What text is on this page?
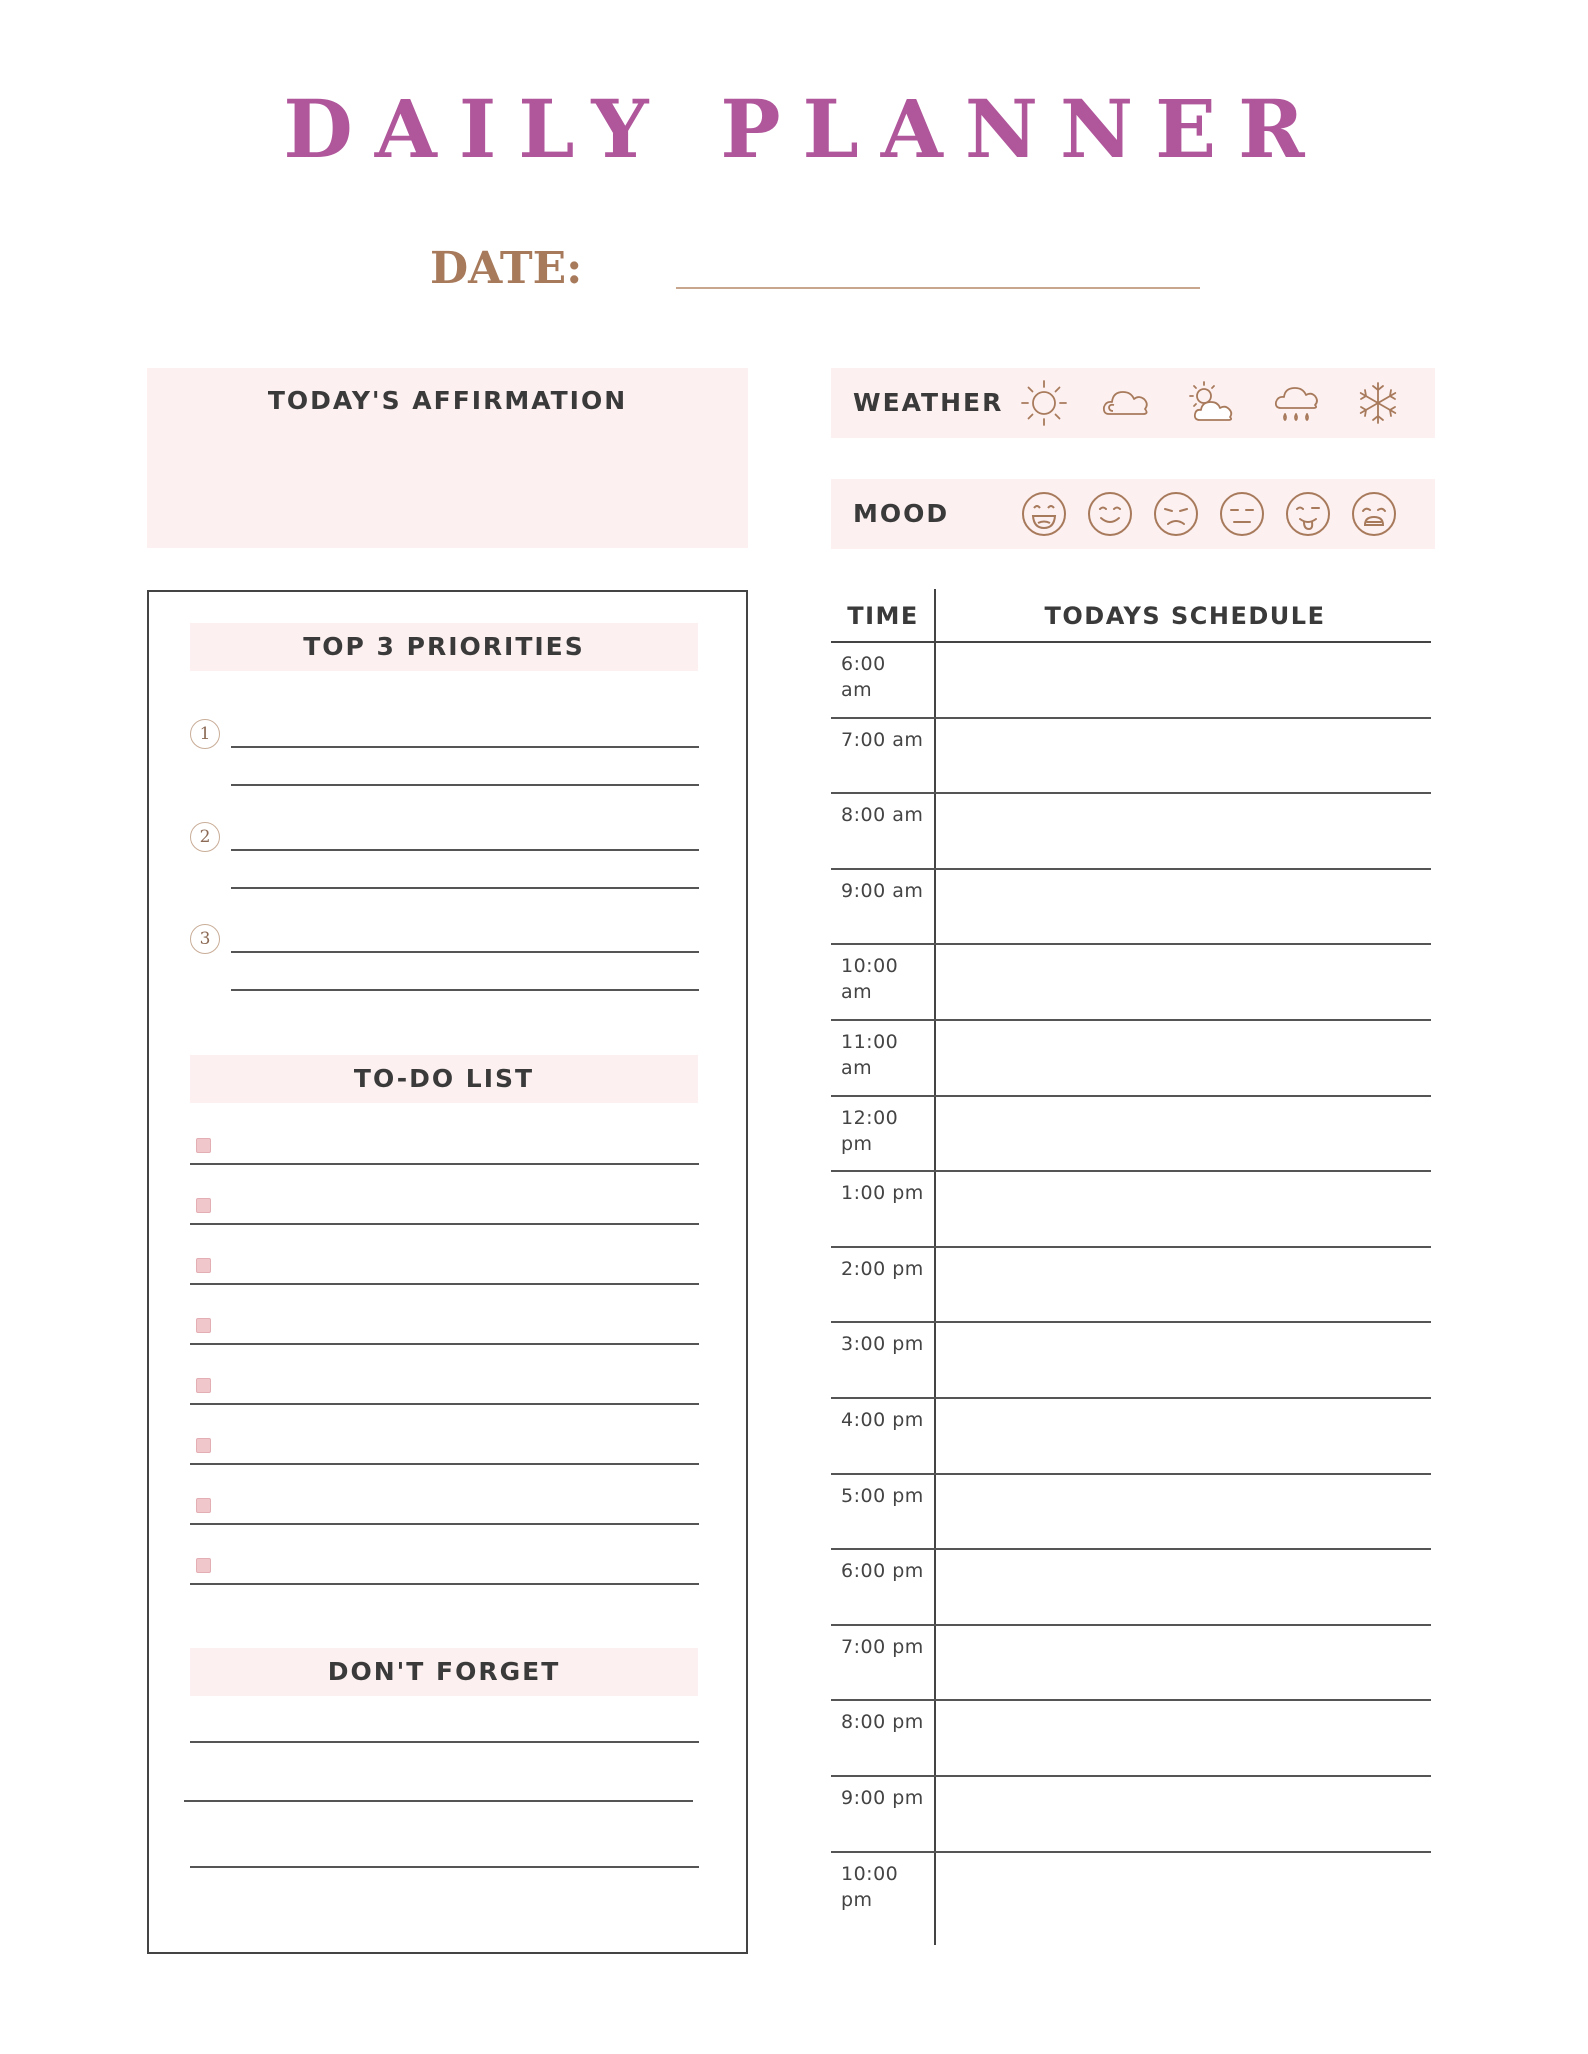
DAILY PLANNER
DATE:
TODAY'S AFFIRMATION	WEATHER
MOOD
TOP 3 PRIORITIES
1
2
3
TO-DO LIST
DON'T FORGET
TIME	TODAYS SCHEDULE
6:00
am
7:00 am
8:00 am
9:00 am
10:00
am
11:00 am
12:00 pm
1:00 pm
2:00 pm
3:00 pm
4:00 pm
5:00 pm
6:00 pm
7:00 pm
8:00 pm
9:00 pm
10:00
pm
